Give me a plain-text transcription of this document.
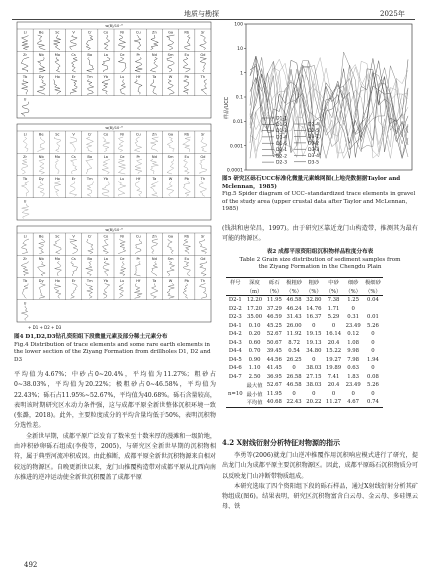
地质与勘探	2025年
w(B)/10⁻⁶
Li	Be	Sc	V	Cr	Co	Ni	Cu	Zn	Ga	Rb	Sr
Zr	Nb	Mo	Cs	Ba	La	Ce	Pr	Nd	Sm	Eu	Gd
Tb	Dy	Ho	Er	Tm	Yb	Lu	Hf	Ta	W	Pb	Th
U
w(B)/10⁻⁶
Li	Be	Sc	V	Cr	Co	Ni	Cu	Zn	Ga	Rb	Sr
Zr	Nb	Mo	Cs	Ba	La	Ce	Pr	Nd	Sm	Eu	Gd
Tb	Dy	Ho	Er	Tm	Yb	Lu	Hf	Ta	W	Pb	Th
U
w(B)/10⁻⁶
Li	Be	Sc	V	Cr	Co	Ni	Cu	Zn	Ga	Rb	Sr
Zr	Nb	Mo	Cs	Ba	La	Ce	Pr	Nd	Sm	Eu	Gd
Tb	Dy	Ho	Er	Tm	Yb	Lu	Hf	Ta	W	Pb	Th
U
+ D1 + D2 + D3
图4 D1,D2,D3钻孔资阳组下段微量元素及部分稀土元素分布
Fig.4 Distribution of trace elements and some rare earth elements in the lower section of the Ziyang Formation from drillholes D1, D2 and D3

平均值为4.67%；中砂占0~20.4%，平均值为11.27%；粗砂占0~38.03%，平均值为20.22%；极粗砂占0~46.58%，平均值为22.43%；砾石占11.95%~52.67%，平均值为40.68%。砾石含量较高，表明该时期研究区水动力条件强，这与成都平原全新世整体沉积环境一致(张潞，2018)。此外，主要粒度成分的平均含量均低于50%，表明沉积物分选性差。

全新世早期，成都平原广泛发育了数米至十数米厚的漫滩和一级阶地，由冲积砂卵砾石组成(李俊等，2005)，与研究区全新世早期的沉积物相符，属于典型河流冲积成因。由此推断，成都平原全新世沉积物源来自相对较远的物源区。自晚更新世以来，龙门山推覆构造带对成都平原从北西向南东推进的逆冲运动使全新世沉积覆盖了成都平原

492
样品/UCC
0.0001
0.001
0.01
0.1
1
10
100
D1-1
D1-2
D1-3
D1-4
D1-5
D2-1
D2-2
D2-3
D2-4
D2-5
D3-1
D3-2
D3-3
D3-4
D3-5
图5 研究区砾石UCC标准化微量元素蛛网图(上地壳数据据Taylor and Mclennan，1985)
Fig.5 Spider diagram of UCC–standardized trace elements in gravel of the study area (upper crustal data after Taylor and McLennan，1985)

(钱洪和唐荣昌，1997)。由于研究区靠近龙门山构造带，推测其为最有可能的物源区。

表2 成都平原资阳组沉积物样品粒度分布表
Table 2 Grain size distribution of sediment samples from
the Ziyang Formation in the Chengdu Plain
样号	深度	砾石	极粗砂	粗砂	中砂	细砂	极细砂
	（m）	（%）	（%）	（%）	（%）	（%）	（%）
D2-1	12.20	11.95	46.58	32.80	7.38	1.25	0.04
D2-2	17.20	37.29	46.24	14.76	1.71	0	
D2-3	35.00	46.59	31.43	16.37	5.29	0.31	0.01
D4-1	0.10	45.25	26.00	0	0	23.49	5.26
D4-2	0.20	52.67	11.92	19.15	16.14	0.12	0
D4-3	0.60	50.67	8.72	19.13	20.4	1.08	0
D4-4	0.70	39.45	0.54	34.80	15.22	9.98	0
D4-5	0.90	44.56	26.25	0	19.27	7.98	1.94
D4-6	1.10	41.45	0	38.03	19.89	0.63	0
D4-7	2.50	36.95	26.58	27.15	7.41	1.83	0.08
	最大值	52.67	46.58	38.03	20.4	23.49	5.26
n=10	最小值	11.95	0	0	0	0	0
	平均值	40.68	22.43	20.22	11.27	4.67	0.74
4.2 X射线衍射分析特征对物源的指示

李勇等(2006)就龙门山逆冲推覆作用沉积响应模式进行了研究，提出龙门山为成都平原主要沉积物源区。因此，成都平原砾石沉积物质分可以反映龙门山冲断带物质组成。

本研究选取了四个资阳组下段的砾石样品，通过X射线衍射分析其矿物组成(图6)。结果表明，研究区沉积物富含白云母、金云母、多硅锂云母、铁
